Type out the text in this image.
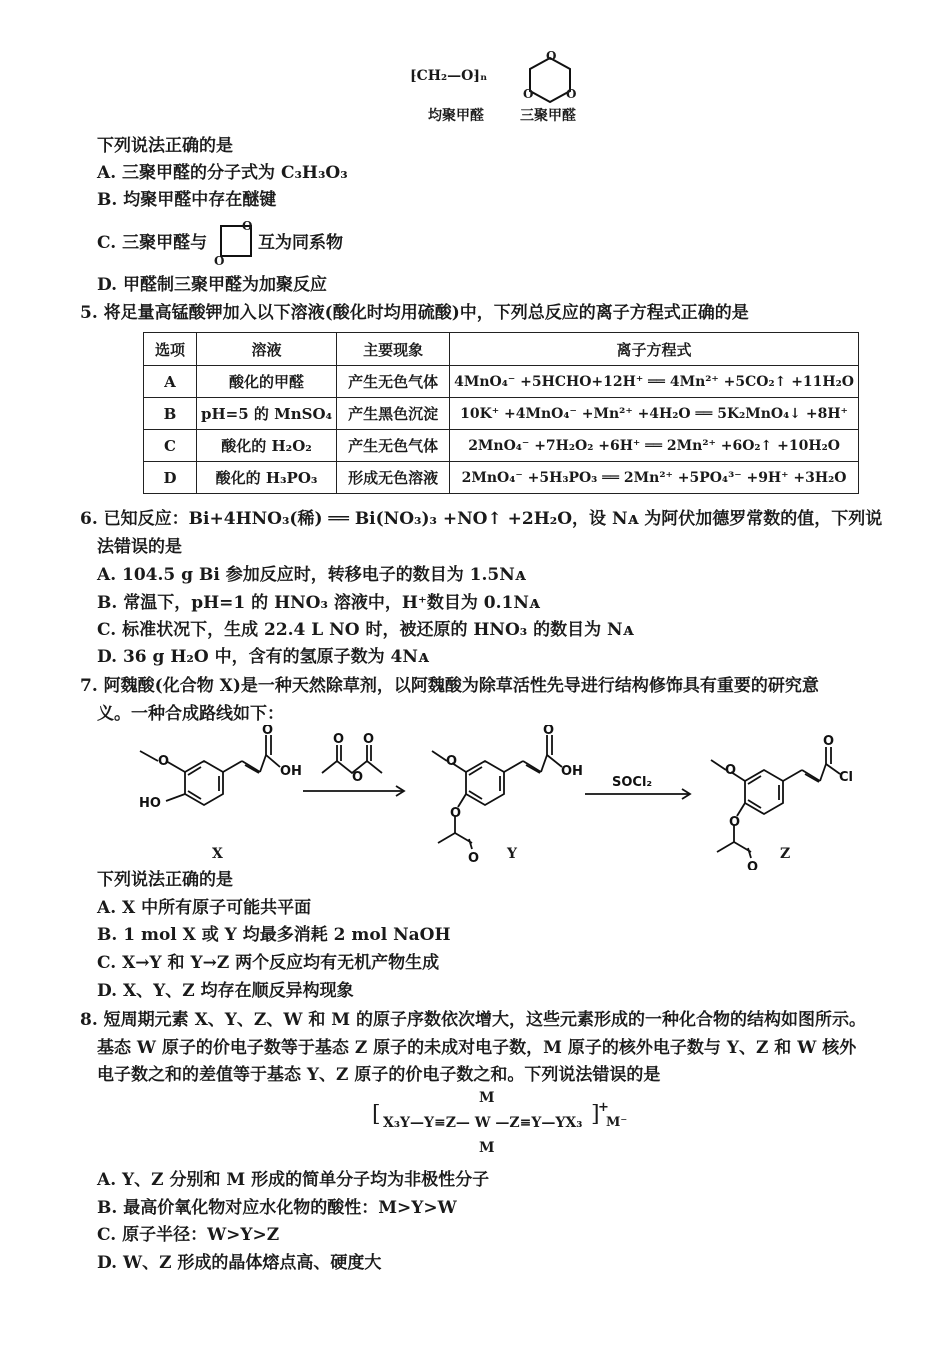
⁅CH₂—O⁆ₙ
O
O	O
均聚甲醛	三聚甲醛
下列说法正确的是
A. 三聚甲醛的分子式为 C₃H₃O₃
B. 均聚甲醛中存在醚键
C. 三聚甲醛与
O
O
互为同系物
D. 甲醛制三聚甲醛为加聚反应
5. 将足量高锰酸钾加入以下溶液(酸化时均用硫酸)中，下列总反应的离子方程式正确的是
选项	溶液	主要现象	离子方程式
A	酸化的甲醛	产生无色气体	4MnO₄⁻ +5HCHO+12H⁺ ══ 4Mn²⁺ +5CO₂↑ +11H₂O
B	pH=5 的 MnSO₄	产生黑色沉淀	10K⁺ +4MnO₄⁻ +Mn²⁺ +4H₂O ══ 5K₂MnO₄↓ +8H⁺
C	酸化的 H₂O₂	产生无色气体	2MnO₄⁻ +7H₂O₂ +6H⁺ ══ 2Mn²⁺ +6O₂↑ +10H₂O
D	酸化的 H₃PO₃	形成无色溶液	2MnO₄⁻ +5H₃PO₃ ══ 2Mn²⁺ +5PO₄³⁻ +9H⁺ +3H₂O
6. 已知反应：Bi+4HNO₃(稀) ══ Bi(NO₃)₃ +NO↑ +2H₂O，设 Nᴀ 为阿伏加德罗常数的值，下列说
法错误的是
A. 104.5 g Bi 参加反应时，转移电子的数目为 1.5Nᴀ
B. 常温下，pH=1 的 HNO₃ 溶液中，H⁺数目为 0.1Nᴀ
C. 标准状况下，生成 22.4 L NO 时，被还原的 HNO₃ 的数目为 Nᴀ
D. 36 g H₂O 中，含有的氢原子数为 4Nᴀ
7. 阿魏酸(化合物 X)是一种天然除草剂，以阿魏酸为除草活性先导进行结构修饰具有重要的研究意
义。一种合成路线如下：
O
HO
OH
O
O
O O
O
O
O
OH
O
SOCl₂
O
O
O
Cl
O
X	Y	Z
下列说法正确的是
A. X 中所有原子可能共平面
B. 1 mol X 或 Y 均最多消耗 2 mol NaOH
C. X→Y 和 Y→Z 两个反应均有无机产物生成
D. X、Y、Z 均存在顺反异构现象
8. 短周期元素 X、Y、Z、W 和 M 的原子序数依次增大，这些元素形成的一种化合物的结构如图所示。
基态 W 原子的价电子数等于基态 Z 原子的未成对电子数，M 原子的核外电子数与 Y、Z 和 W 核外
电子数之和的差值等于基态 Y、Z 原子的价电子数之和。下列说法错误的是
[ X₃Y—Y≡Z— W —Z≡Y—YX₃ ]
M
M
+
M⁻
A. Y、Z 分别和 M 形成的简单分子均为非极性分子
B. 最高价氧化物对应水化物的酸性：M>Y>W
C. 原子半径：W>Y>Z
D. W、Z 形成的晶体熔点高、硬度大
